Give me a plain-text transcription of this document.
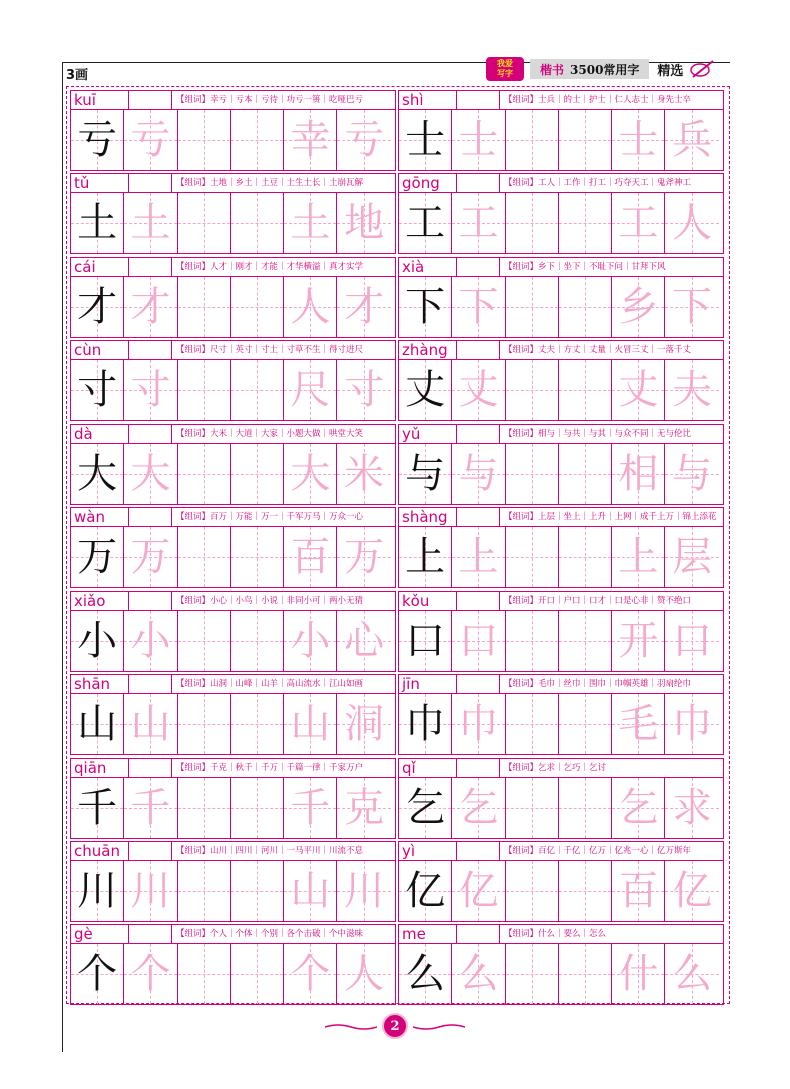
3画
我爱
写字 楷书 3500常用字 精选
kuī	【组词】幸亏｜亏本｜亏待｜功亏一篑｜吃哑巴亏
亏 亏	幸 亏
tǔ	【组词】土地｜乡土｜土豆｜土生土长｜土崩瓦解
土 土	土 地
cái	【组词】人才｜刚才｜才能｜才华横溢｜真才实学
才 才	人 才
cùn	【组词】尺寸｜英寸｜寸土｜寸草不生｜得寸进尺
寸 寸	尺 寸
dà	【组词】大米｜大道｜大家｜小题大做｜哄堂大笑
大 大	大 米
wàn	【组词】百万｜万能｜万一｜千军万马｜万众一心
万 万	百 万
xiǎo	【组词】小心｜小鸟｜小说｜非同小可｜两小无猜
小 小	小 心
shān	【组词】山洞｜山峰｜山羊｜高山流水｜江山如画
山 山	山 洞
qiān	【组词】千克｜秋千｜千万｜千篇一律｜千家万户
千 千	千 克
chuān	【组词】山川｜四川｜河川｜一马平川｜川流不息
川 川	山 川
gè	【组词】个人｜个体｜个别｜各个击破｜个中滋味
个 个	个 人
shì	【组词】士兵｜的士｜护士｜仁人志士｜身先士卒
士 士	士 兵
gōng	【组词】工人｜工作｜打工｜巧夺天工｜鬼斧神工
工 工	工 人
xià	【组词】乡下｜坐下｜不耻下问｜甘拜下风
下 下	乡 下
zhàng	【组词】丈夫｜方丈｜丈量｜火冒三丈｜一落千丈
丈 丈	丈 夫
yǔ	【组词】相与｜与共｜与其｜与众不同｜无与伦比
与 与	相 与
shàng	【组词】上层｜坐上｜上升｜上网｜成千上万｜锦上添花
上 上	上 层
kǒu	【组词】开口｜户口｜口才｜口是心非｜赞不绝口
口 口	开 口
jīn	【组词】毛巾｜丝巾｜围巾｜巾帼英雄｜羽扇纶巾
巾 巾	毛 巾
qǐ	【组词】乞求｜乞巧｜乞讨
乞 乞	乞 求
yì	【组词】百亿｜千亿｜亿万｜亿兆一心｜亿万斯年
亿 亿	百 亿
me	【组词】什么｜要么｜怎么
么 么	什 么
2
